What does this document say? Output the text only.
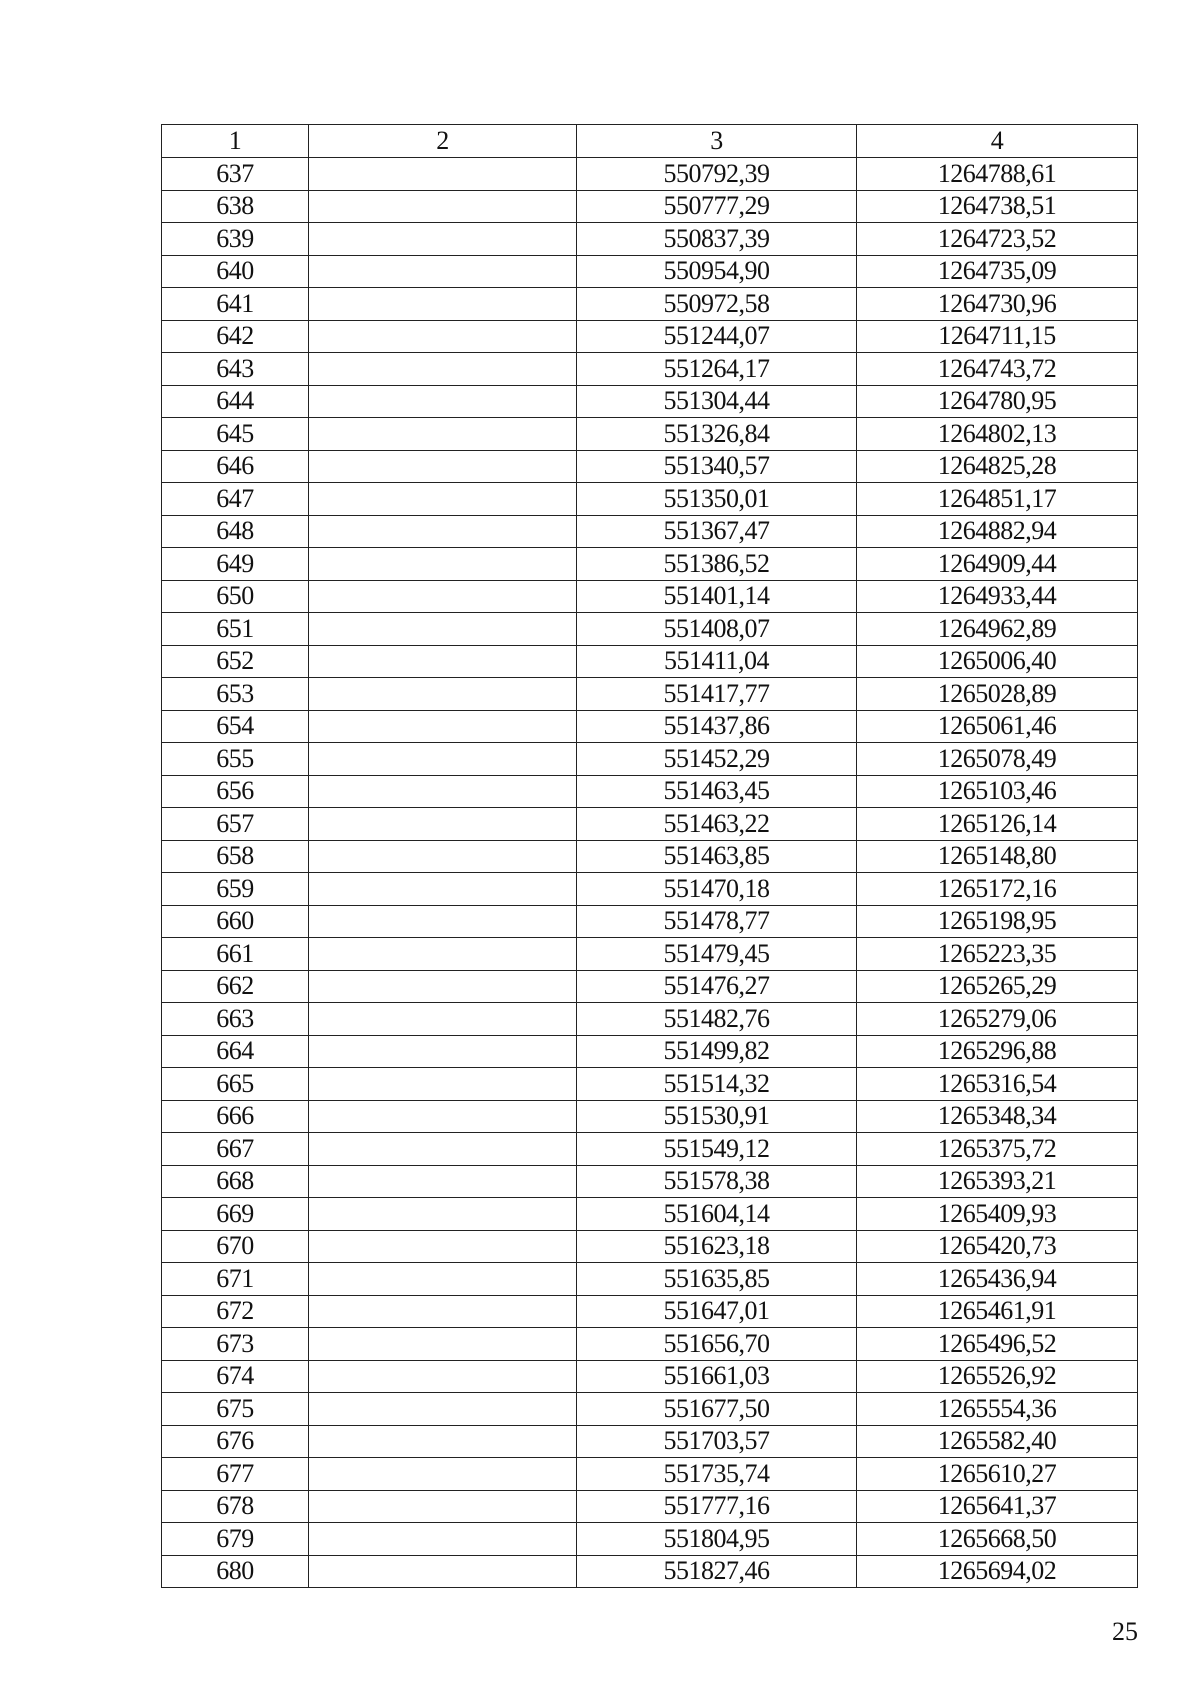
1	2	3	4
637		550792,39	1264788,61
638		550777,29	1264738,51
639		550837,39	1264723,52
640		550954,90	1264735,09
641		550972,58	1264730,96
642		551244,07	1264711,15
643		551264,17	1264743,72
644		551304,44	1264780,95
645		551326,84	1264802,13
646		551340,57	1264825,28
647		551350,01	1264851,17
648		551367,47	1264882,94
649		551386,52	1264909,44
650		551401,14	1264933,44
651		551408,07	1264962,89
652		551411,04	1265006,40
653		551417,77	1265028,89
654		551437,86	1265061,46
655		551452,29	1265078,49
656		551463,45	1265103,46
657		551463,22	1265126,14
658		551463,85	1265148,80
659		551470,18	1265172,16
660		551478,77	1265198,95
661		551479,45	1265223,35
662		551476,27	1265265,29
663		551482,76	1265279,06
664		551499,82	1265296,88
665		551514,32	1265316,54
666		551530,91	1265348,34
667		551549,12	1265375,72
668		551578,38	1265393,21
669		551604,14	1265409,93
670		551623,18	1265420,73
671		551635,85	1265436,94
672		551647,01	1265461,91
673		551656,70	1265496,52
674		551661,03	1265526,92
675		551677,50	1265554,36
676		551703,57	1265582,40
677		551735,74	1265610,27
678		551777,16	1265641,37
679		551804,95	1265668,50
680		551827,46	1265694,02
25
